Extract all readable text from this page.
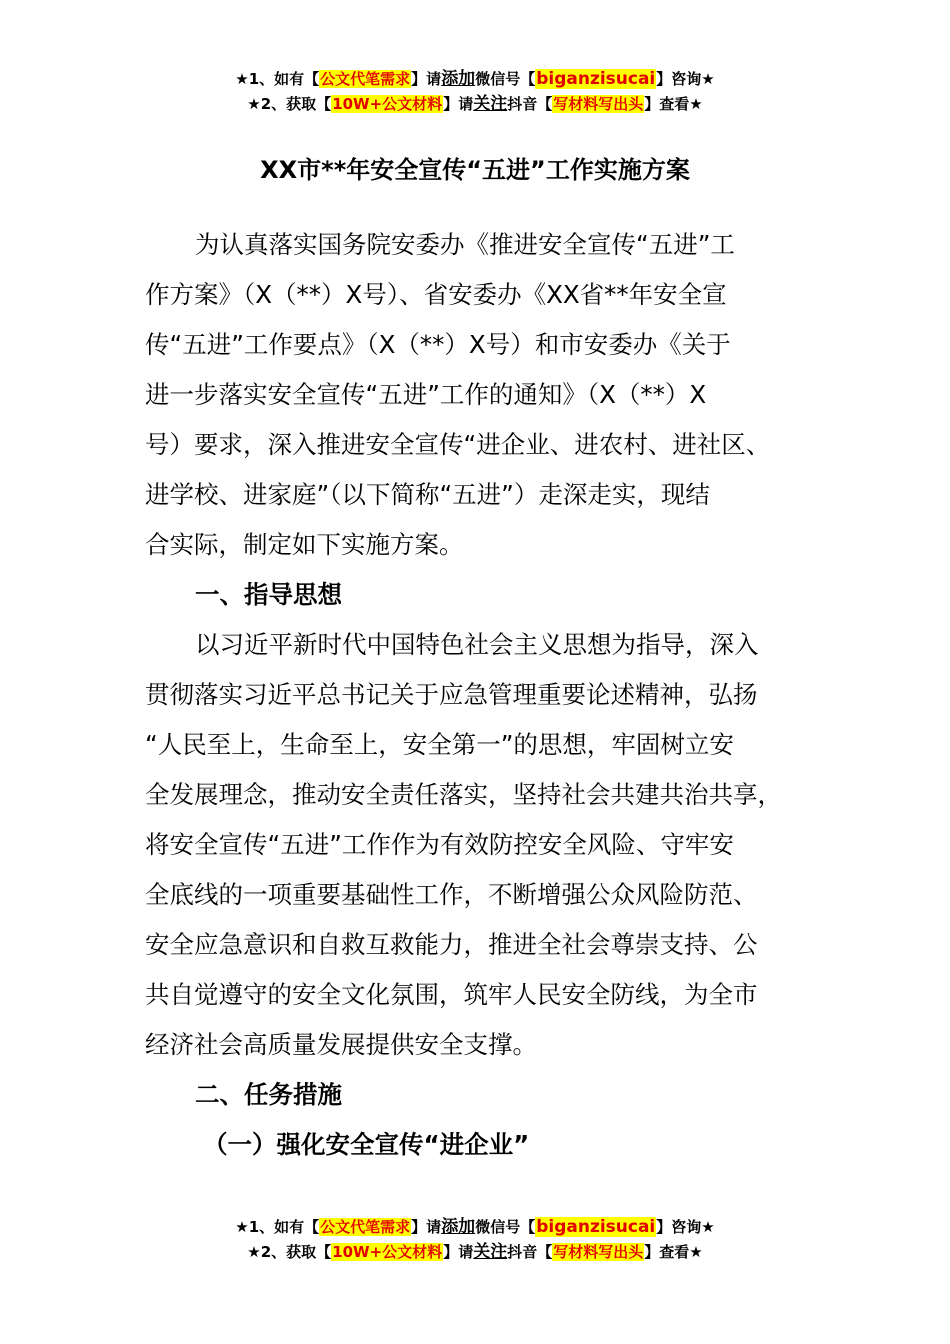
★1、如有【公文代笔需求】请添加微信号【biganzisucai】咨询★
★2、获取【10W+公文材料】请关注抖音【写材料写出头】查看★
XX市**年安全宣传“五进”工作实施方案
为认真落实国务院安委办《推进安全宣传“五进”工
作方案》（X（**）X号）、省安委办《XX省**年安全宣
传“五进”工作要点》（X（**）X号）和市安委办《关于
进一步落实安全宣传“五进”工作的通知》（X（**）X
号）要求，深入推进安全宣传“进企业、进农村、进社区、
进学校、进家庭”（以下简称“五进”）走深走实，现结
合实际，制定如下实施方案。
一、指导思想
以习近平新时代中国特色社会主义思想为指导，深入
贯彻落实习近平总书记关于应急管理重要论述精神，弘扬
“人民至上，生命至上，安全第一”的思想，牢固树立安
全发展理念，推动安全责任落实，坚持社会共建共治共享，
将安全宣传“五进”工作作为有效防控安全风险、守牢安
全底线的一项重要基础性工作，不断增强公众风险防范、
安全应急意识和自救互救能力，推进全社会尊崇支持、公
共自觉遵守的安全文化氛围，筑牢人民安全防线，为全市
经济社会高质量发展提供安全支撑。
二、任务措施
（一）强化安全宣传“进企业”
★1、如有【公文代笔需求】请添加微信号【biganzisucai】咨询★
★2、获取【10W+公文材料】请关注抖音【写材料写出头】查看★
